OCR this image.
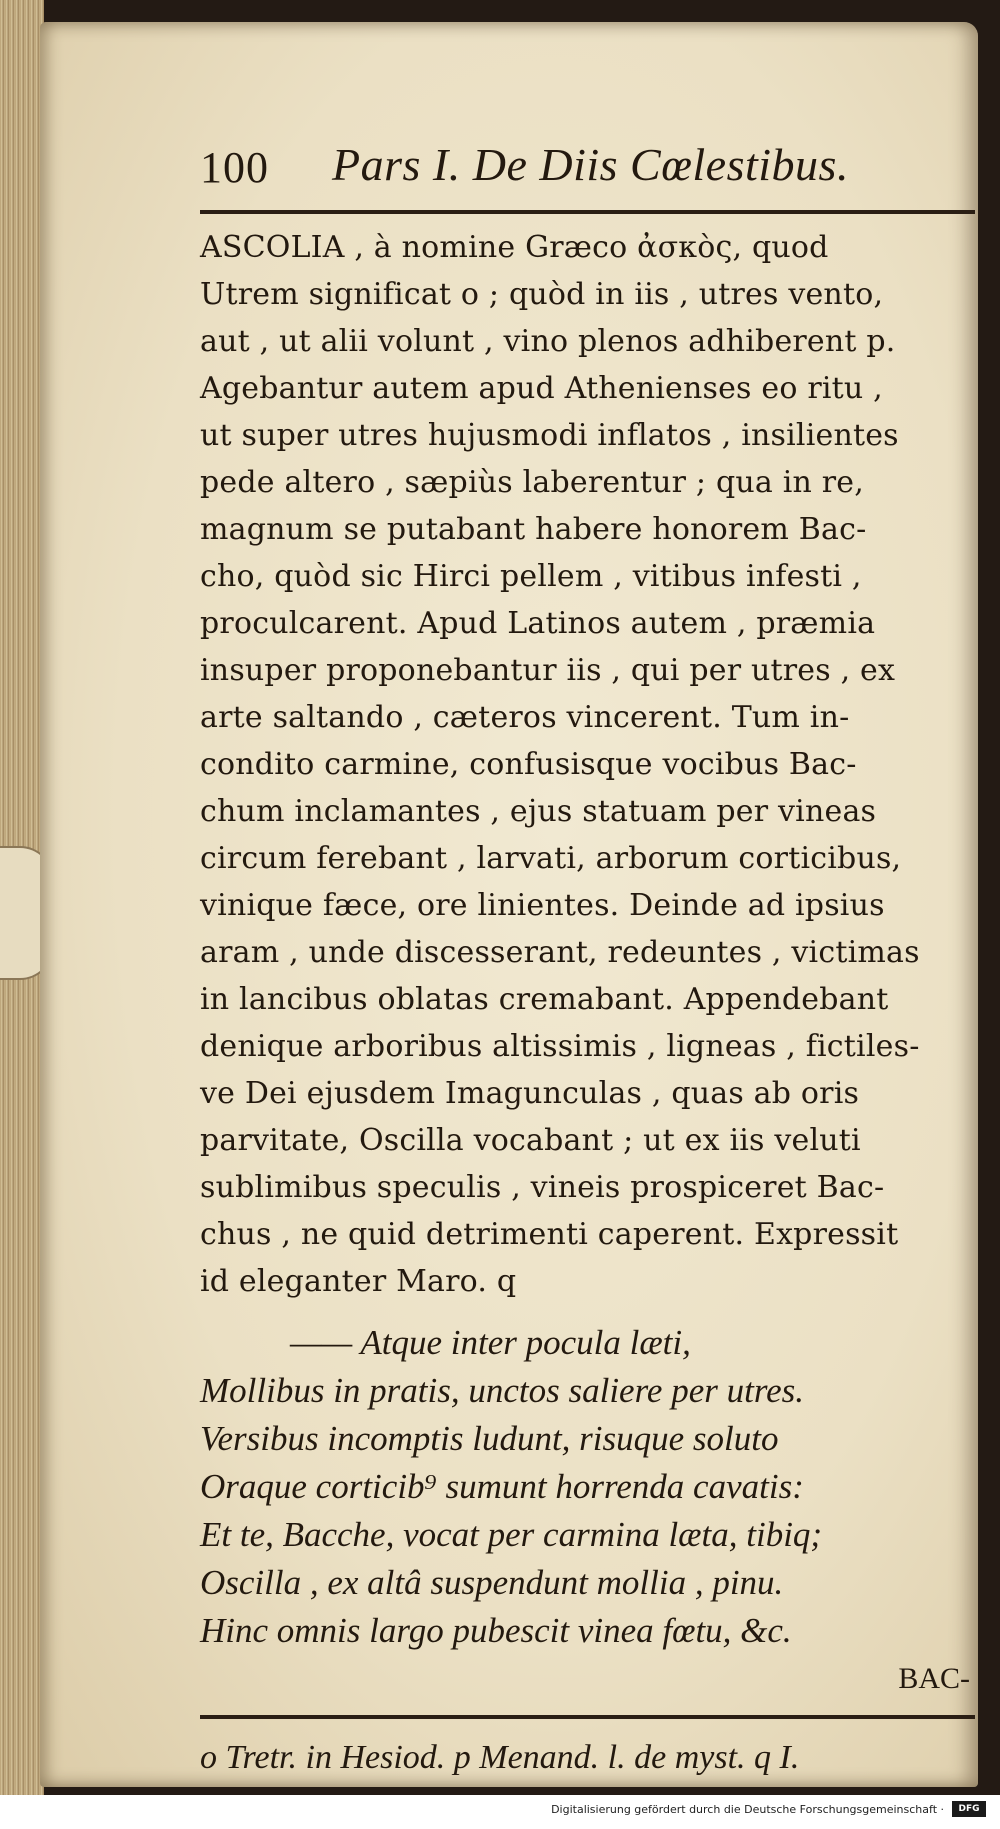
100 Pars I. De Diis Cœlestibus.
ASCOLIA , à nomine Græco ἀσκὸς, quod
Utrem significat o ; quòd in iis , utres vento,
aut , ut alii volunt , vino plenos adhiberent p.
Agebantur autem apud Athenienses eo ritu ,
ut super utres hujusmodi inflatos , insilientes
pede altero , sæpiùs laberentur ; qua in re,
magnum se putabant habere honorem Bac-
cho, quòd sic Hirci pellem , vitibus infesti ,
proculcarent. Apud Latinos autem , præmia
insuper proponebantur iis , qui per utres , ex
arte saltando , cæteros vincerent. Tum in-
condito carmine, confusisque vocibus Bac-
chum inclamantes , ejus statuam per vineas
circum ferebant , larvati, arborum corticibus,
vinique fæce, ore linientes. Deinde ad ipsius
aram , unde discesserant, redeuntes , victimas
in lancibus oblatas cremabant. Appendebant
denique arboribus altissimis , ligneas , fictiles-
ve Dei ejusdem Imagunculas , quas ab oris
parvitate, Oscilla vocabant ; ut ex iis veluti
sublimibus speculis , vineis prospiceret Bac-
chus , ne quid detrimenti caperent. Expressit
id eleganter Maro. q
—— Atque inter pocula læti,
Mollibus in pratis, unctos saliere per utres.
Versibus incomptis ludunt, risuque soluto
Oraque corticib⁹ sumunt horrenda cavatis:
Et te, Bacche, vocat per carmina læta, tibiq;
Oscilla , ex altâ suspendunt mollia , pinu.
Hinc omnis largo pubescit vinea fœtu, &c.
BAC-
o Tretr. in Hesiod. p Menand. l. de myst. q I.
Digitalisierung gefördert durch die Deutsche Forschungsgemeinschaft ·	DFG
